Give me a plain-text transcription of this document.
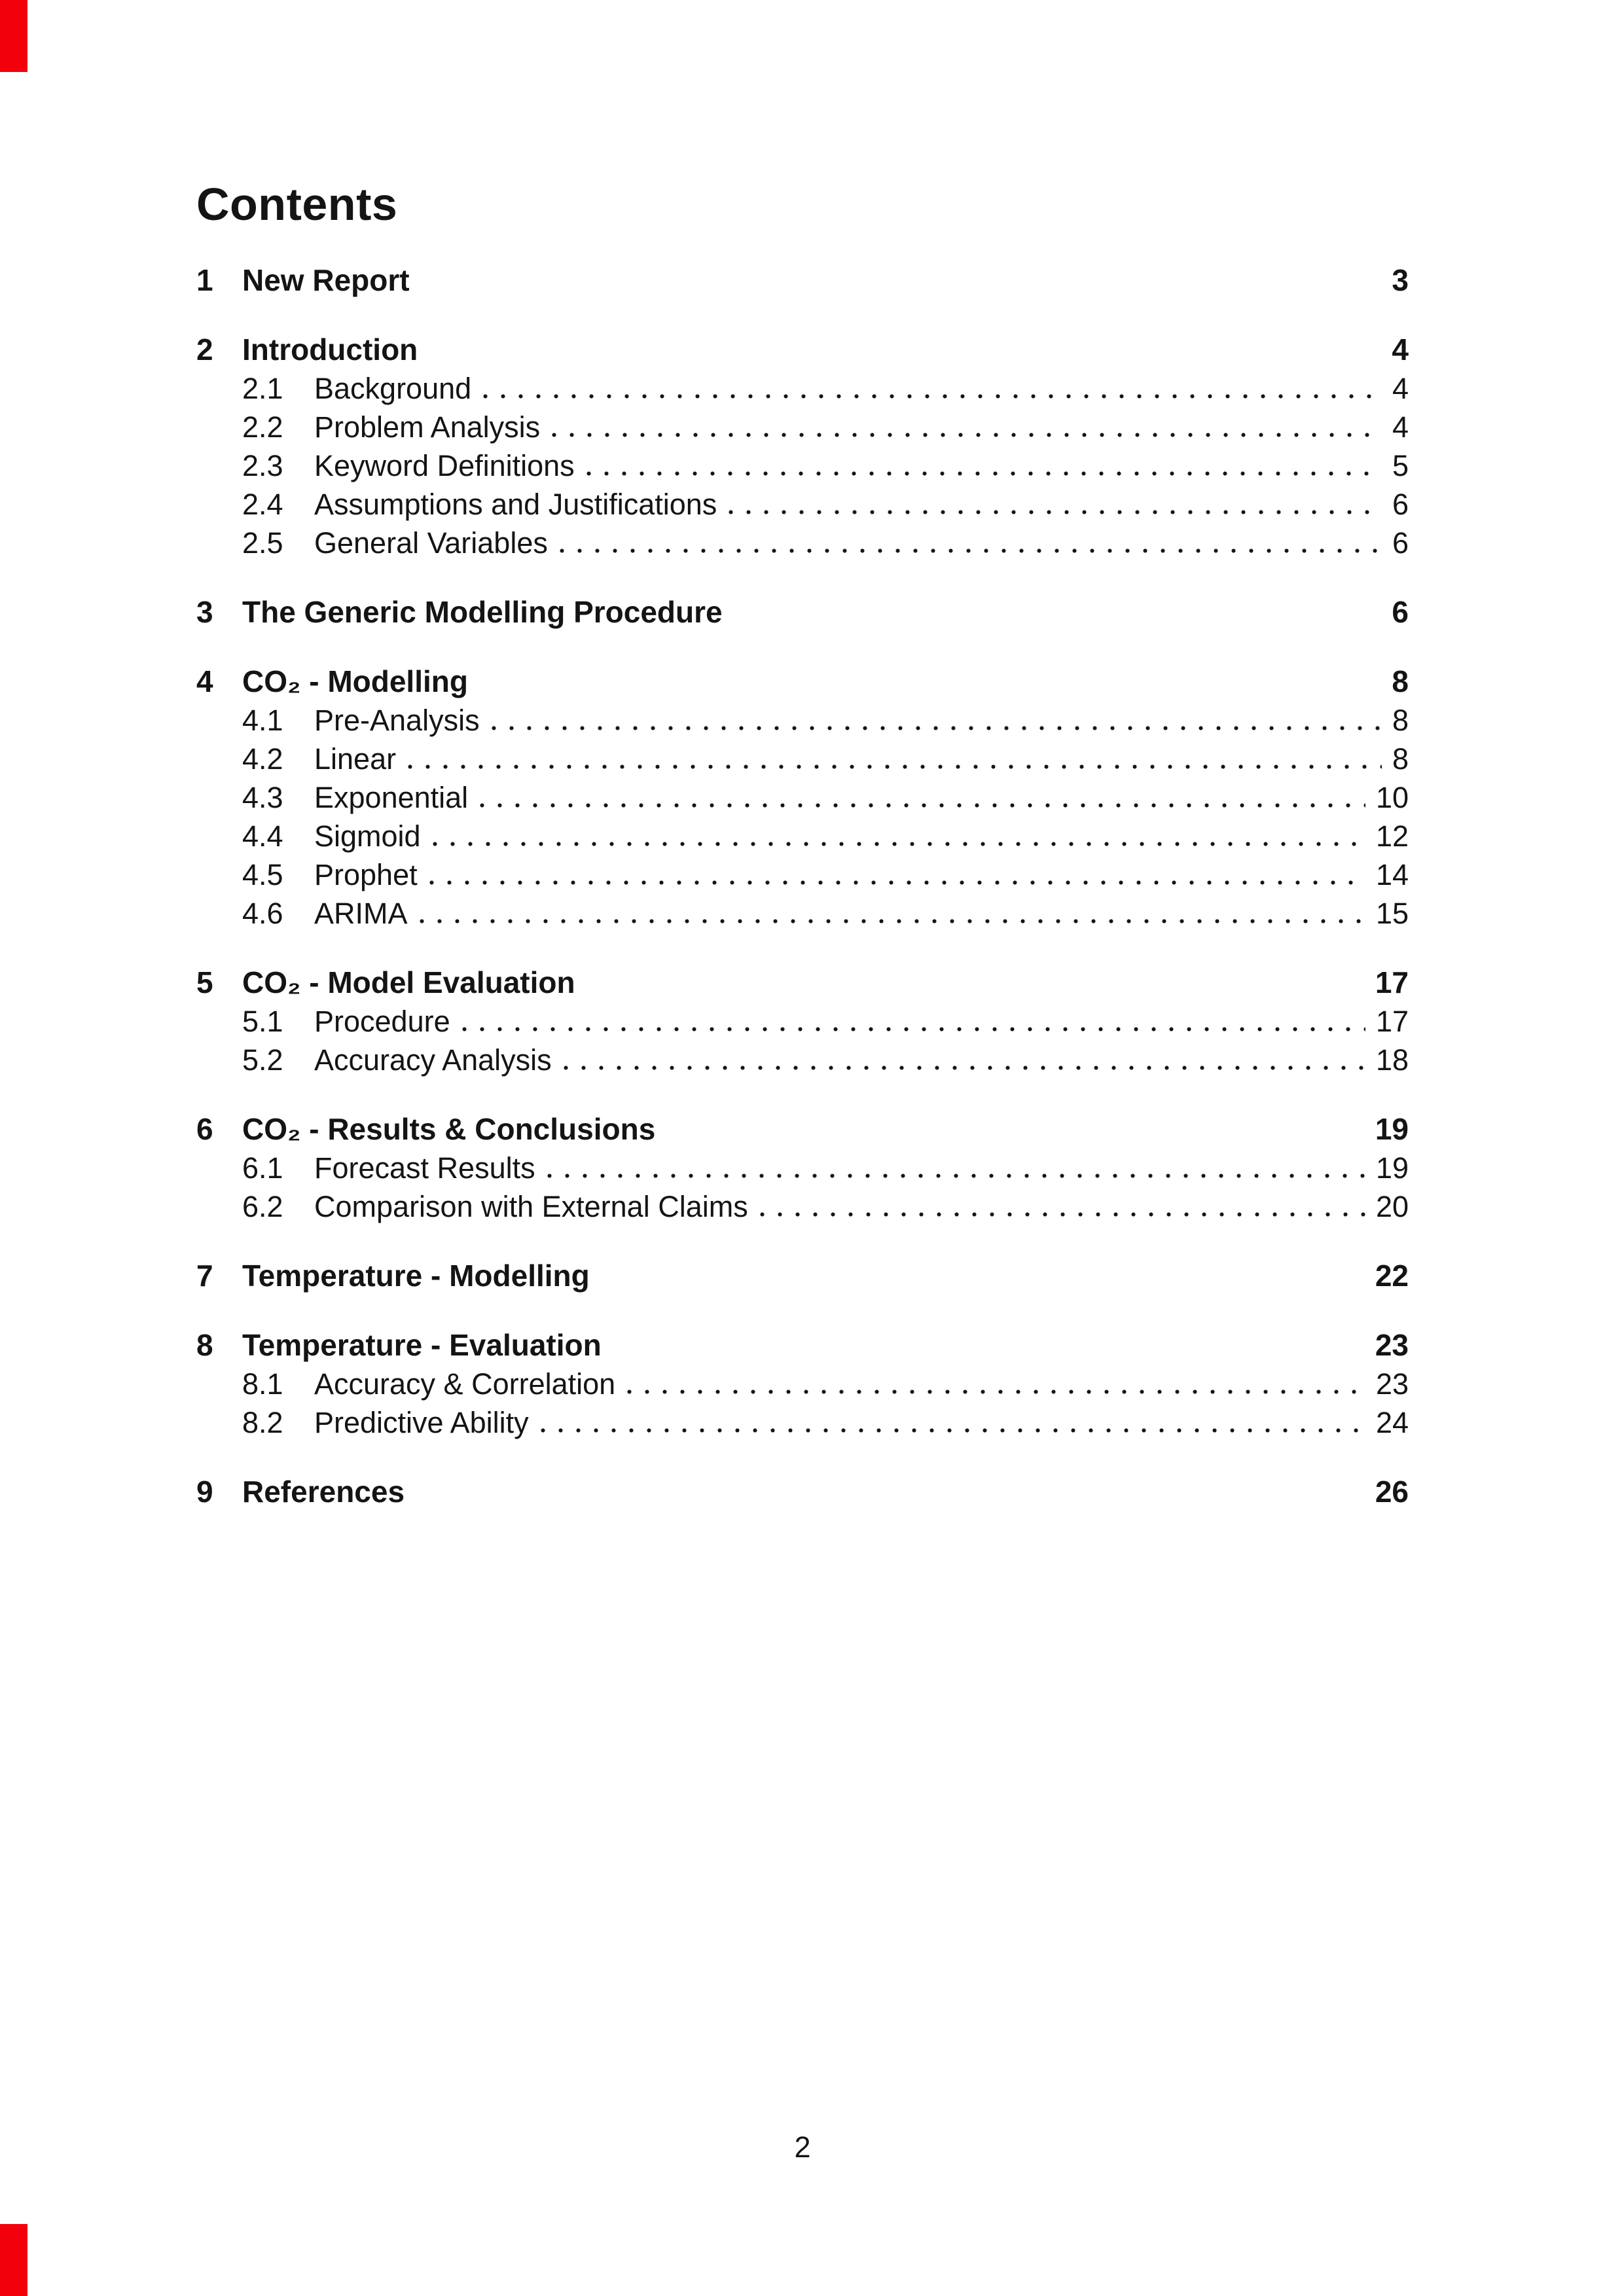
Contents
1 New Report	3
2 Introduction	4
2.1	Background	4
2.2	Problem Analysis	4
2.3	Keyword Definitions	5
2.4	Assumptions and Justifications	6
2.5	General Variables	6
3 The Generic Modelling Procedure	6
4 CO₂ - Modelling	8
4.1	Pre-Analysis	8
4.2	Linear	8
4.3	Exponential	10
4.4	Sigmoid	12
4.5	Prophet	14
4.6	ARIMA	15
5 CO₂ - Model Evaluation	17
5.1	Procedure	17
5.2	Accuracy Analysis	18
6 CO₂ - Results & Conclusions	19
6.1	Forecast Results	19
6.2	Comparison with External Claims	20
7 Temperature - Modelling	22
8 Temperature - Evaluation	23
8.1	Accuracy & Correlation	23
8.2	Predictive Ability	24
9 References	26
2
